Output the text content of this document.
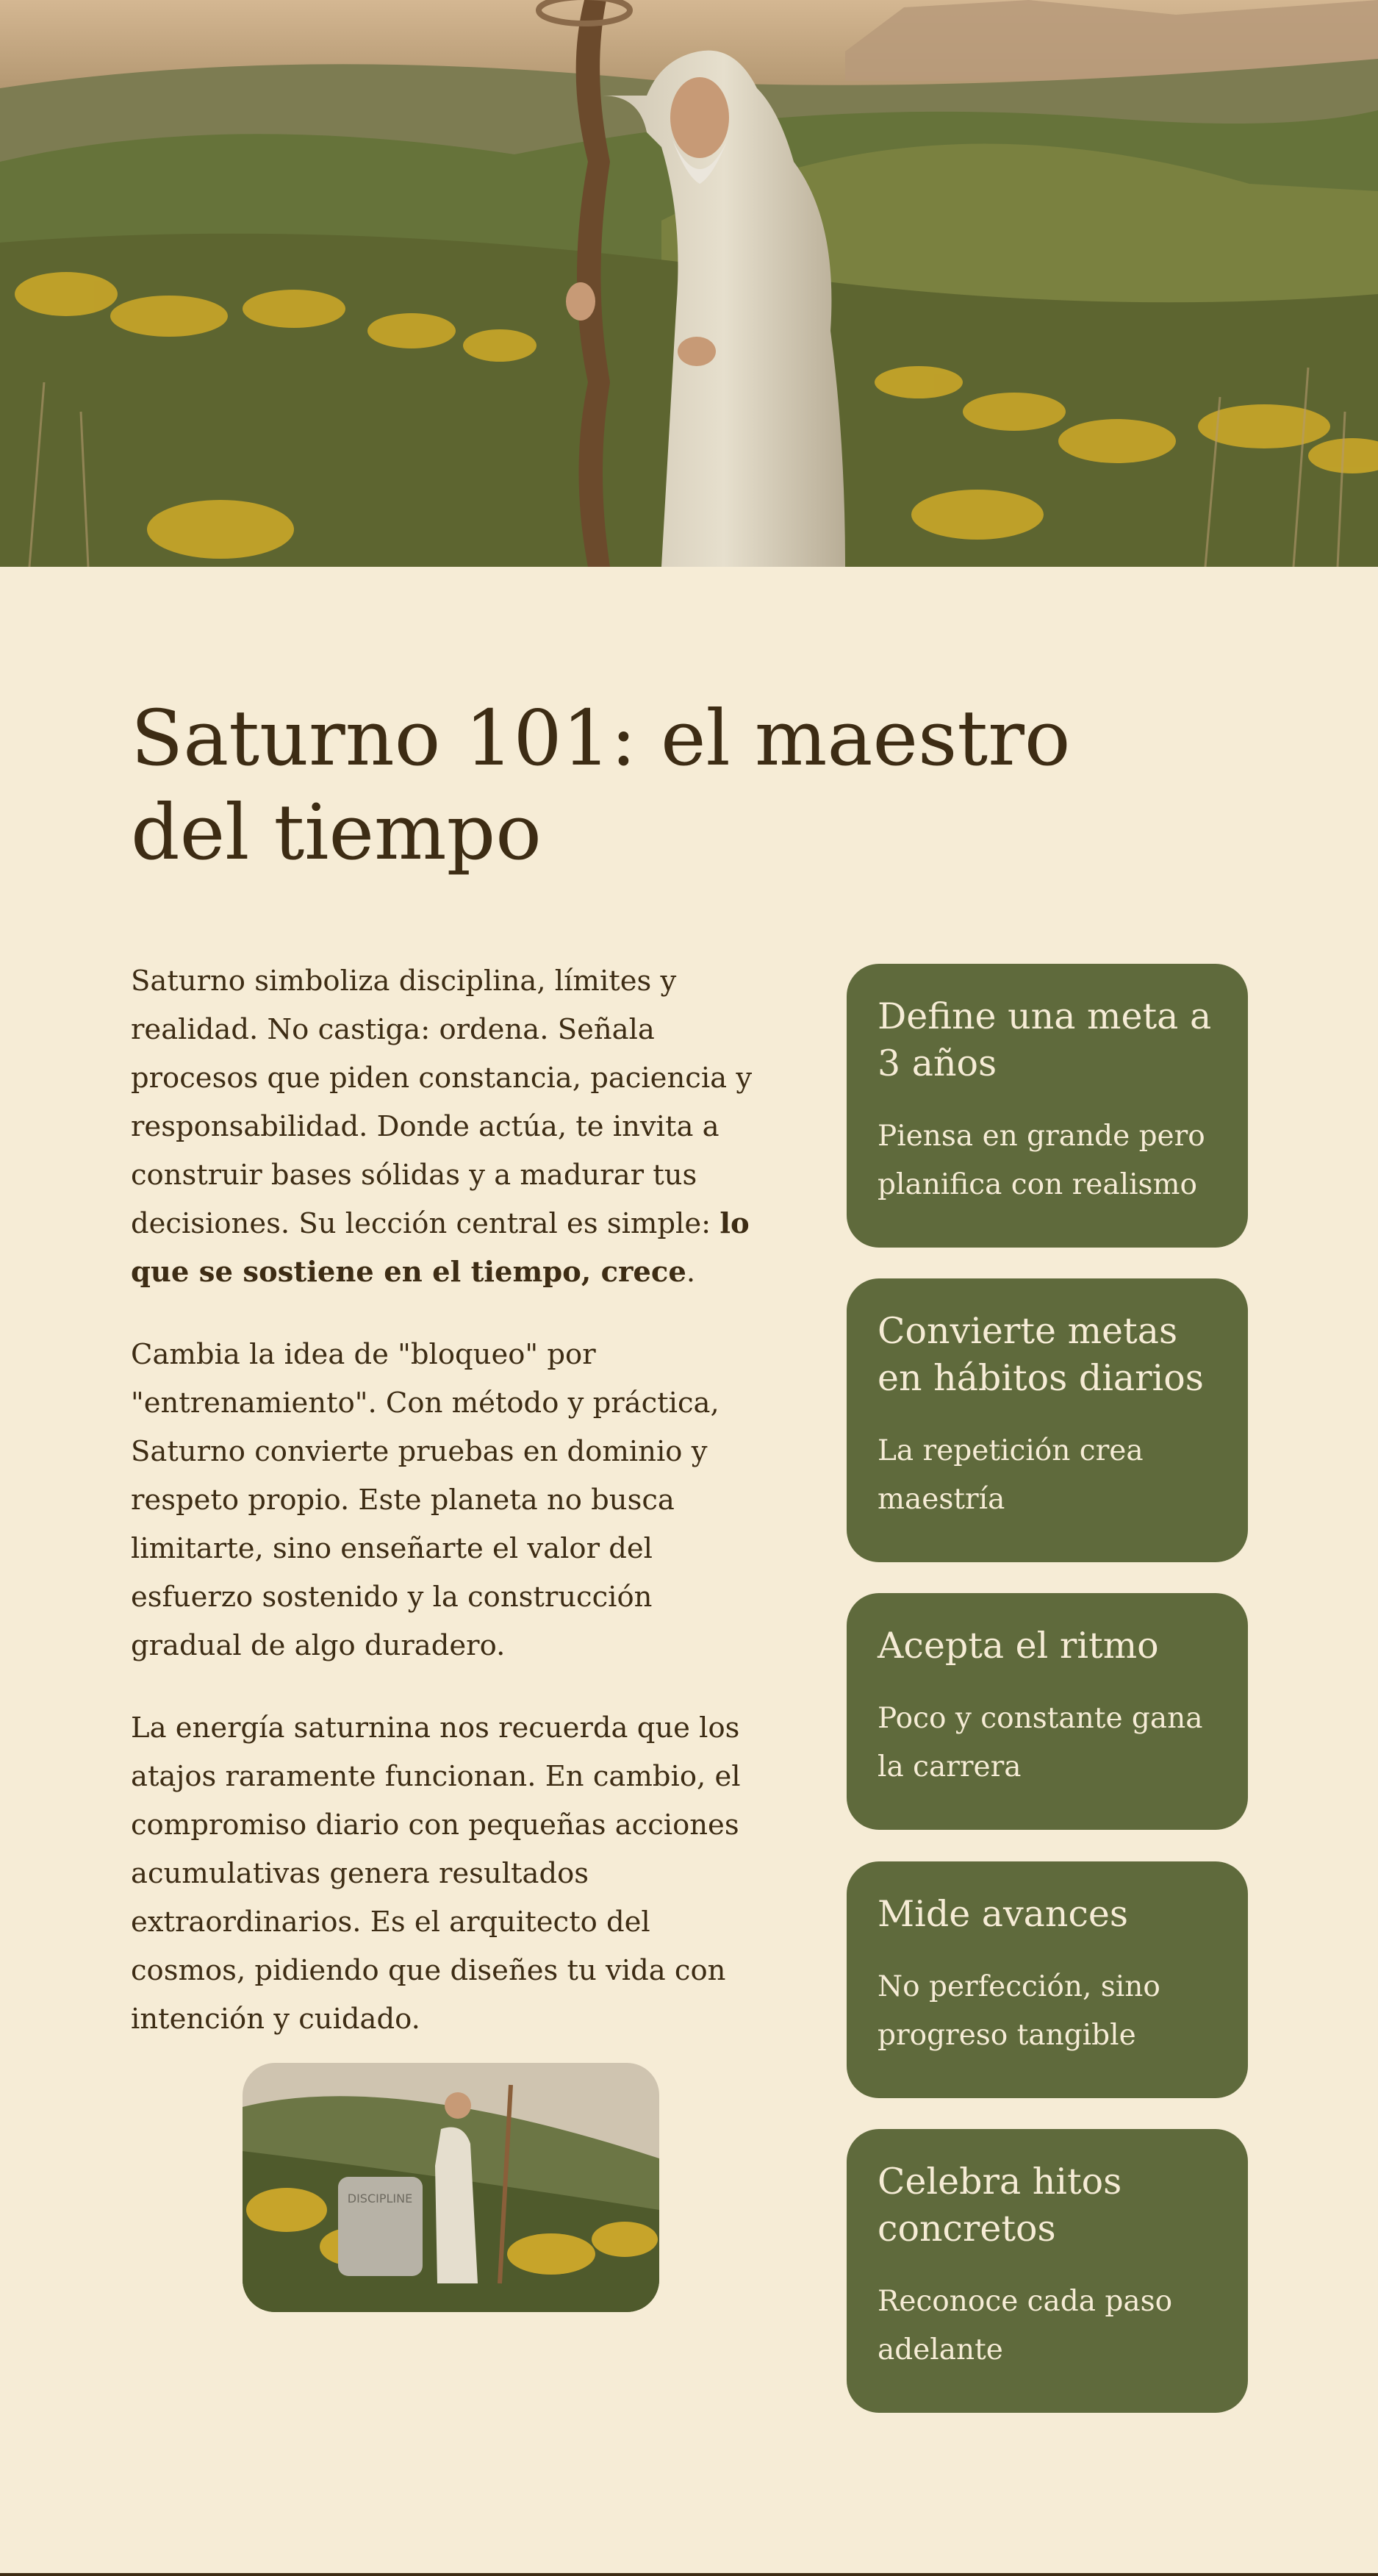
Saturno 101: el maestro del tiempo

Saturno simboliza disciplina, límites y realidad. No castiga: ordena. Señala procesos que piden constancia, paciencia y responsabilidad. Donde actúa, te invita a construir bases sólidas y a madurar tus decisiones. Su lección central es simple: lo que se sostiene en el tiempo, crece.

Cambia la idea de "bloqueo" por "entrenamiento". Con método y práctica, Saturno convierte pruebas en dominio y respeto propio. Este planeta no busca limitarte, sino enseñarte el valor del esfuerzo sostenido y la construcción gradual de algo duradero.

La energía saturnina nos recuerda que los atajos raramente funcionan. En cambio, el compromiso diario con pequeñas acciones acumulativas genera resultados extraordinarios. Es el arquitecto del cosmos, pidiendo que diseñes tu vida con intención y cuidado.

DISCIPLINE
Define una meta a 3 años

Piensa en grande pero planifica con realismo

Convierte metas en hábitos diarios

La repetición crea maestría

Acepta el ritmo

Poco y constante gana la carrera

Mide avances

No perfección, sino progreso tangible

Celebra hitos concretos

Reconoce cada paso adelante
